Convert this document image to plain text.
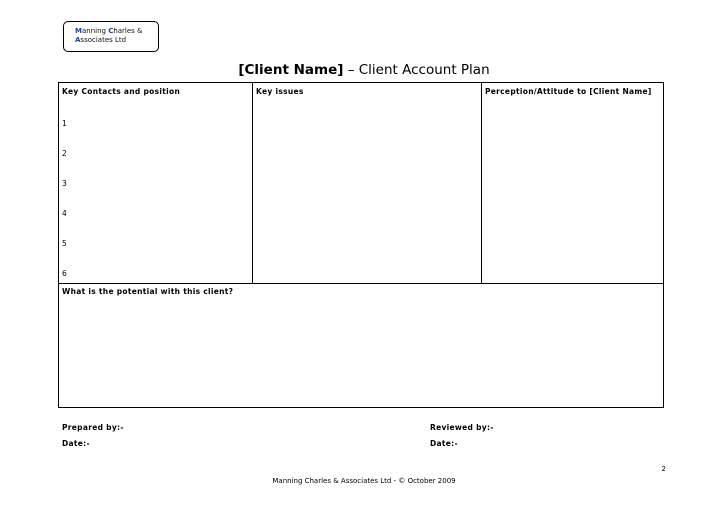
Manning Charles &
Associates Ltd
[Client Name] – Client Account Plan
Key Contacts and position	Key issues	Perception/Attitude to [Client Name]
1
2
3
4
5
6
What is the potential with this client?
Prepared by:-
Date:-
Reviewed by:-
Date:-
2
Manning Charles & Associates Ltd - © October 2009
